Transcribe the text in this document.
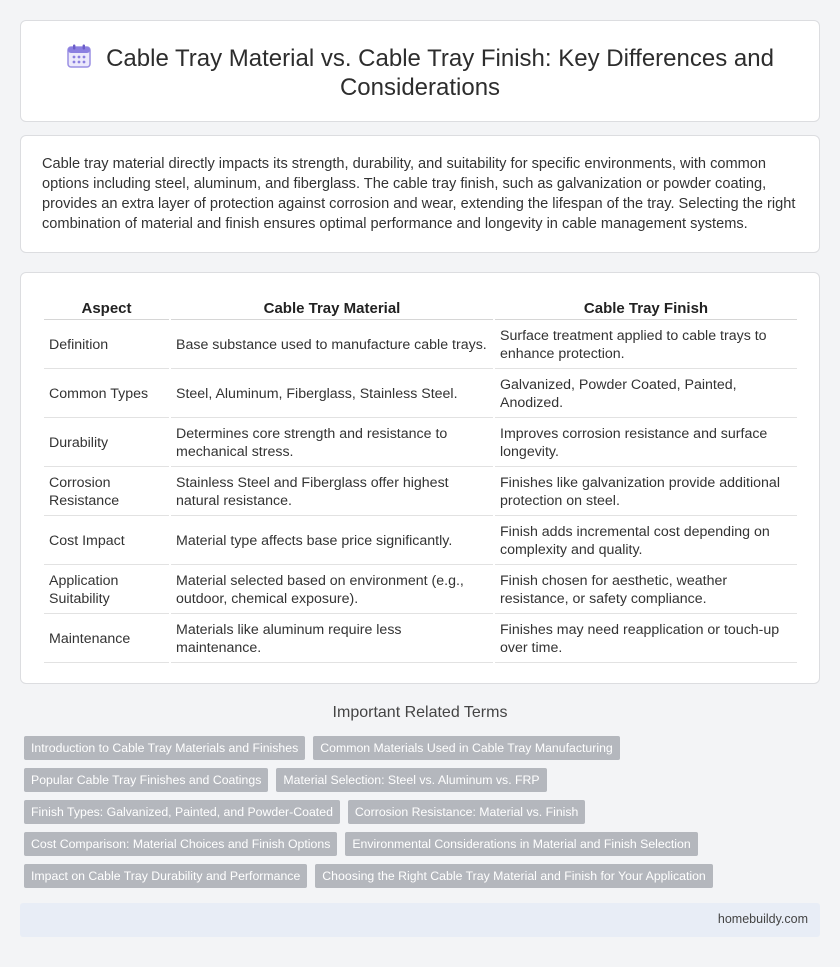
Cable Tray Material vs. Cable Tray Finish: Key Differences and Considerations

Cable tray material directly impacts its strength, durability, and suitability for specific environments, with common options including steel, aluminum, and fiberglass. The cable tray finish, such as galvanization or powder coating, provides an extra layer of protection against corrosion and wear, extending the lifespan of the tray. Selecting the right combination of material and finish ensures optimal performance and longevity in cable management systems.

Aspect	Cable Tray Material	Cable Tray Finish
Definition	Base substance used to manufacture cable trays.	Surface treatment applied to cable trays to enhance protection.
Common Types	Steel, Aluminum, Fiberglass, Stainless Steel.	Galvanized, Powder Coated, Painted, Anodized.
Durability	Determines core strength and resistance to mechanical stress.	Improves corrosion resistance and surface longevity.
Corrosion Resistance	Stainless Steel and Fiberglass offer highest natural resistance.	Finishes like galvanization provide additional protection on steel.
Cost Impact	Material type affects base price significantly.	Finish adds incremental cost depending on complexity and quality.
Application Suitability	Material selected based on environment (e.g., outdoor, chemical exposure).	Finish chosen for aesthetic, weather resistance, or safety compliance.
Maintenance	Materials like aluminum require less maintenance.	Finishes may need reapplication or touch-up over time.
Important Related Terms
Introduction to Cable Tray Materials and Finishes Common Materials Used in Cable Tray Manufacturing
Popular Cable Tray Finishes and Coatings Material Selection: Steel vs. Aluminum vs. FRP
Finish Types: Galvanized, Painted, and Powder-Coated Corrosion Resistance: Material vs. Finish
Cost Comparison: Material Choices and Finish Options Environmental Considerations in Material and Finish Selection
Impact on Cable Tray Durability and Performance Choosing the Right Cable Tray Material and Finish for Your Application
homebuildy.com
